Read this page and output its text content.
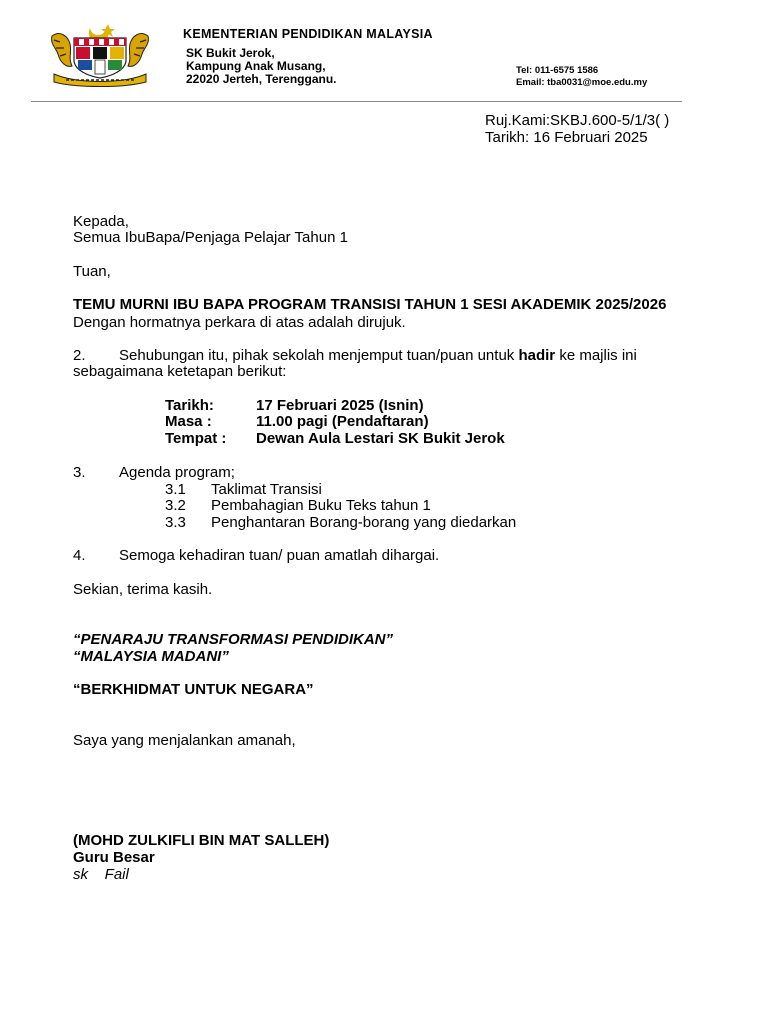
KEMENTERIAN PENDIDIKAN MALAYSIA
SK Bukit Jerok,
Kampung Anak Musang,
22020 Jerteh, Terengganu.
Tel: 011-6575 1586
Email: tba0031@moe.edu.my
Ruj.Kami:SKBJ.600-5/1/3( )
Tarikh: 16 Februari 2025
Kepada,
Semua IbuBapa/Penjaga Pelajar Tahun 1
Tuan,
TEMU MURNI IBU BAPA PROGRAM TRANSISI TAHUN 1 SESI AKADEMIK 2025/2026
Dengan hormatnya perkara di atas adalah dirujuk.
2. Sehubungan itu, pihak sekolah menjemput tuan/puan untuk hadir ke majlis ini
sebagaimana ketetapan berikut:
Tarikh:	17 Februari 2025 (Isnin)
Masa :	11.00 pagi (Pendaftaran)
Tempat : Dewan Aula Lestari SK Bukit Jerok
3. Agenda program;
3.1 Taklimat Transisi
3.2 Pembahagian Buku Teks tahun 1
3.3 Penghantaran Borang-borang yang diedarkan
4. Semoga kehadiran tuan/ puan amatlah dihargai.
Sekian, terima kasih.
“PENARAJU TRANSFORMASI PENDIDIKAN”
“MALAYSIA MADANI”
“BERKHIDMAT UNTUK NEGARA”
Saya yang menjalankan amanah,
(MOHD ZULKIFLI BIN MAT SALLEH)
Guru Besar
sk    Fail
